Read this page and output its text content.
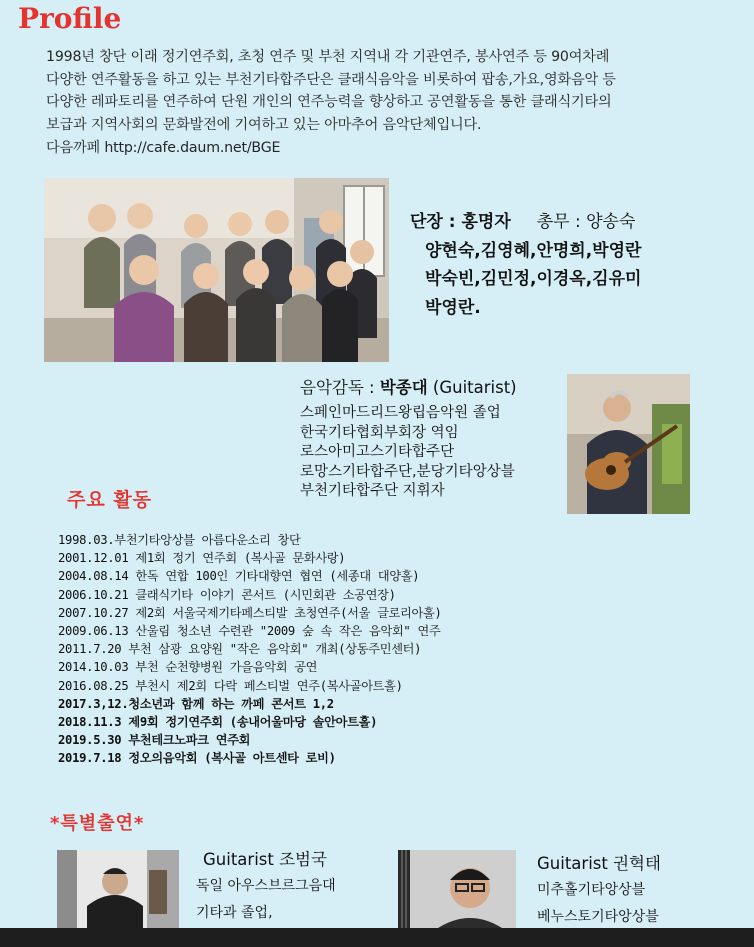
Profile
1998년 창단 이래 정기연주회, 초청 연주 및 부천 지역내 각 기관연주, 봉사연주 등 90여차례
다양한 연주활동을 하고 있는 부천기타합주단은 클래식음악을 비롯하여 팝송,가요,영화음악 등
다양한 레파토리를 연주하여 단원 개인의 연주능력을 향상하고 공연활동을 통한 클래식기타의
보급과 지역사회의 문화발전에 기여하고 있는 아마추어 음악단체입니다.
다음까페 http://cafe.daum.net/BGE
단장 : 홍명자 총무 : 양송숙
양현숙,김영혜,안명희,박영란
박숙빈,김민정,이경옥,김유미
박영란.
음악감독 : 박종대 (Guitarist)
스페인마드리드왕립음악원 졸업
한국기타협회부회장 역임
로스아미고스기타합주단
로망스기타합주단,분당기타앙상블
부천기타합주단 지휘자
주요 활동
1998.03.부천기타앙상블 아름다운소리 창단
2001.12.01 제1회 정기 연주회 (복사골 문화사랑)
2004.08.14 한독 연합 100인 기타대향연 협연 (세종대 대양홀)
2006.10.21 클래식기타 이야기 콘서트 (시민회관 소공연장)
2007.10.27 제2회 서울국제기타페스티발 초청연주(서울 글로리아홀)
2009.06.13 산울림 청소년 수련관 "2009 숲 속 작은 음악회" 연주
2011.7.20 부천 삼광 요양원 "작은 음악회" 개최(상동주민센터)
2014.10.03 부천 순천향병원 가을음악회 공연
2016.08.25 부천시 제2회 다락 페스티벌 연주(복사골아트홀)
2017.3,12.청소년과 함께 하는 까페 콘서트 1,2
2018.11.3 제9회 정기연주회 (송내어울마당 솔안아트홀)
2019.5.30 부천테크노파크 연주회
2019.7.18 정오의음악회 (복사골 아트센타 로비)
*특별출연*
Guitarist 조범국
독일 아우스브르그음대
기타과 졸업,
Guitarist 권혁태
미추홀기타앙상블
베누스토기타앙상블
